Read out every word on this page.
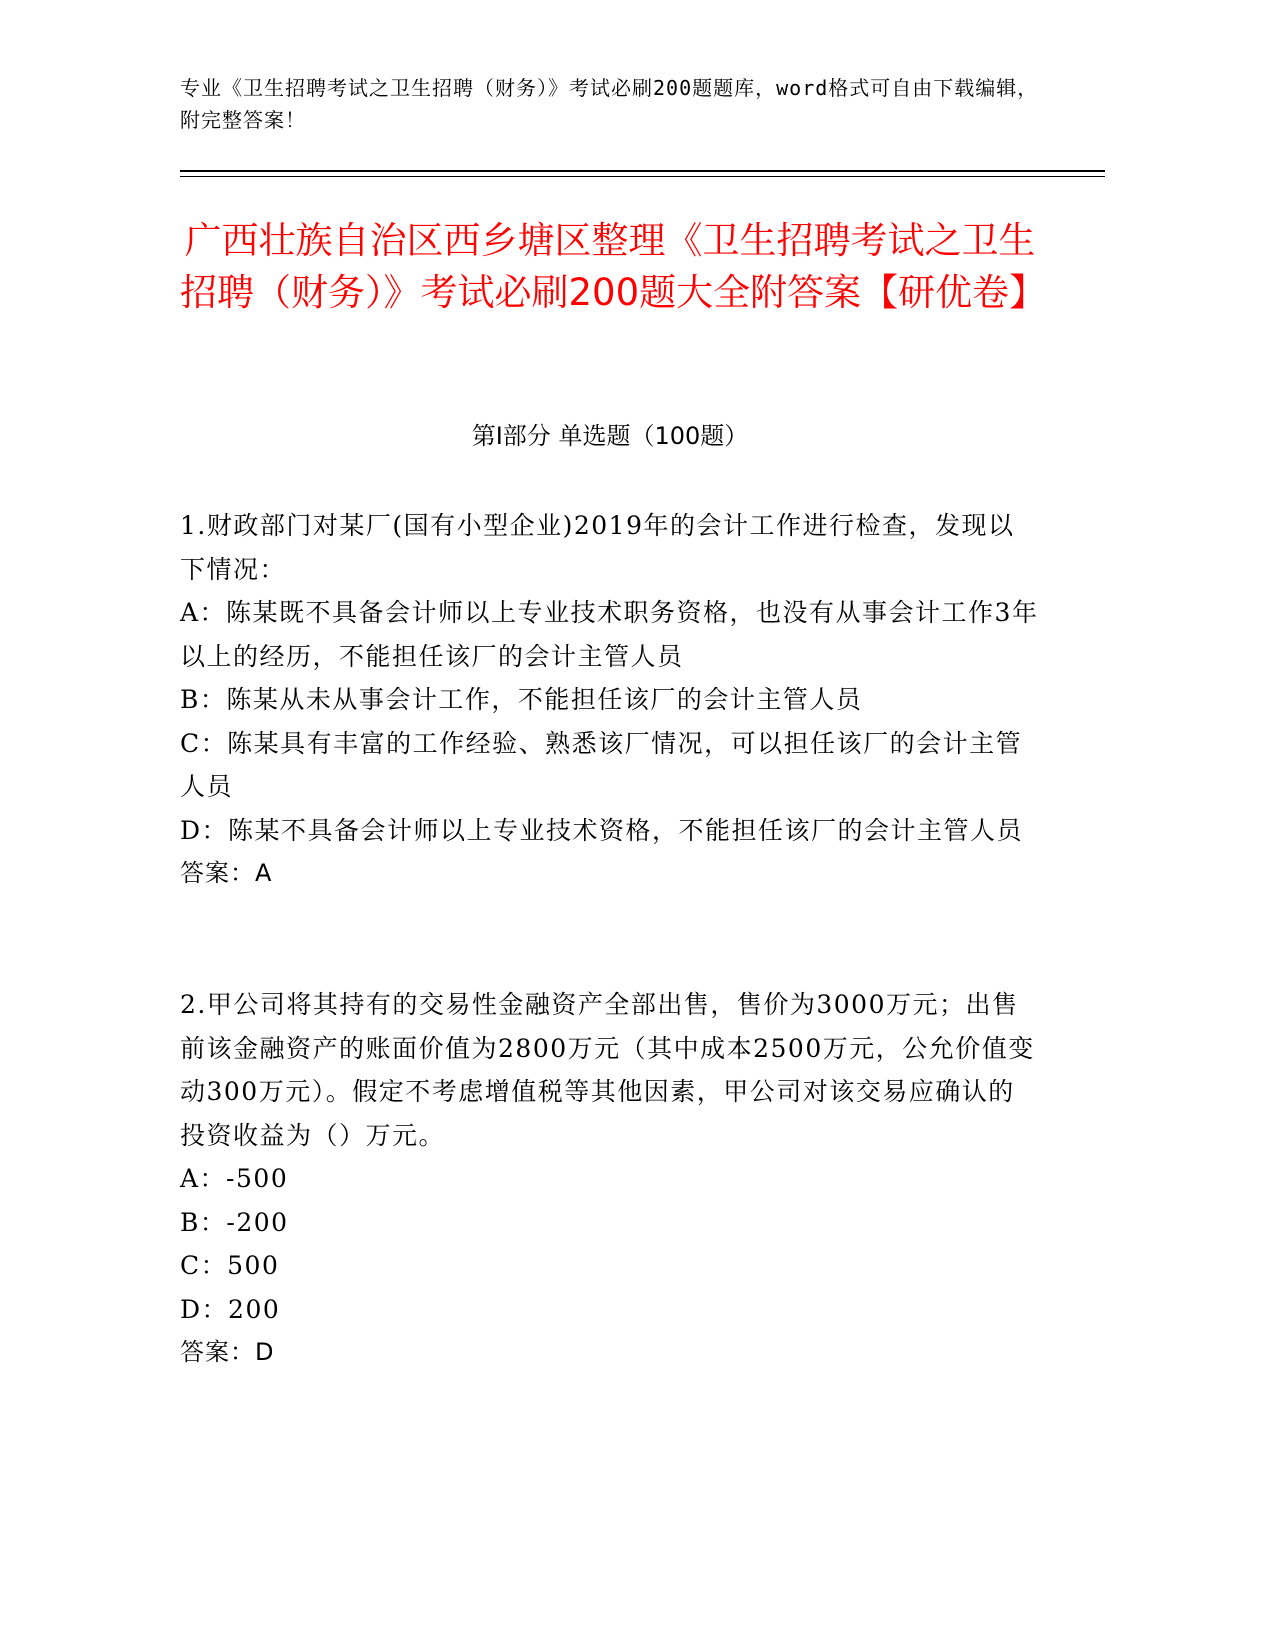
专业《卫生招聘考试之卫生招聘（财务）》考试必刷200题题库，word格式可自由下载编辑，附完整答案！
广西壮族自治区西乡塘区整理《卫生招聘考试之卫生招聘（财务）》考试必刷200题大全附答案【研优卷】
第I部分 单选题（100题）
1.财政部门对某厂(国有小型企业)2019年的会计工作进行检查，发现以下情况：
A：陈某既不具备会计师以上专业技术职务资格，也没有从事会计工作3年以上的经历，不能担任该厂的会计主管人员
B：陈某从未从事会计工作，不能担任该厂的会计主管人员
C：陈某具有丰富的工作经验、熟悉该厂情况，可以担任该厂的会计主管人员
D：陈某不具备会计师以上专业技术资格，不能担任该厂的会计主管人员
答案：A
2.甲公司将其持有的交易性金融资产全部出售，售价为3000万元；出售前该金融资产的账面价值为2800万元（其中成本2500万元，公允价值变动300万元）。假定不考虑增值税等其他因素，甲公司对该交易应确认的投资收益为（）万元。
A：-500
B：-200
C：500
D：200
答案：D
